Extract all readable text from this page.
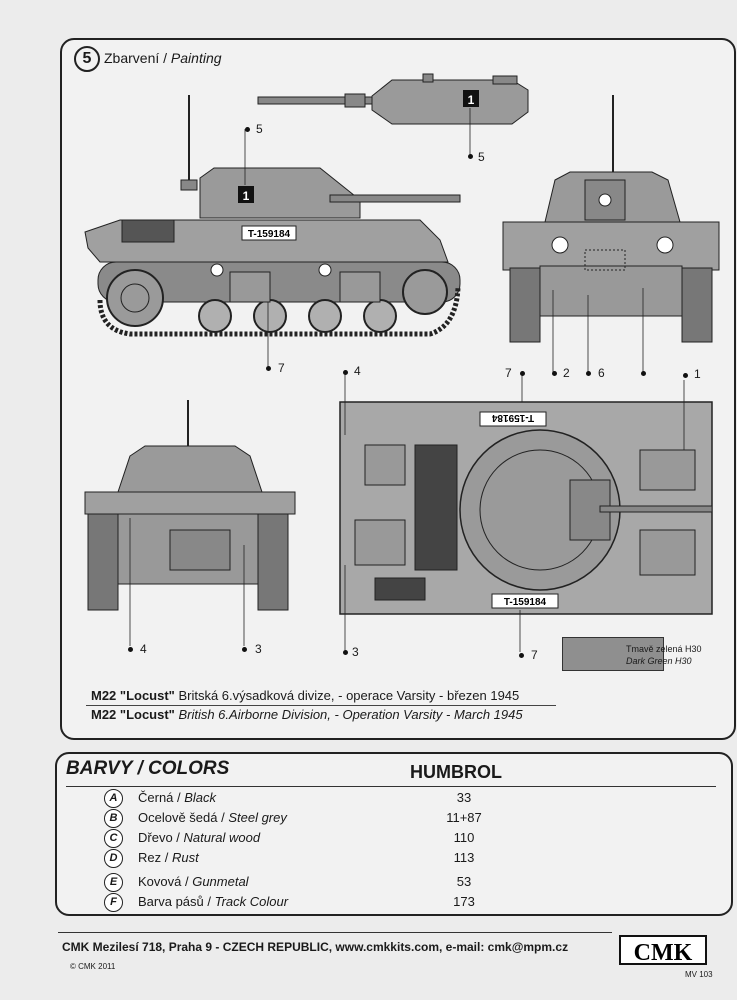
5 Zbarvení / Painting
1
1
T-159184
T-159184
T-159184
5
5
7	7	2 6	1
4
3	7
4	3	Tmavě zelená H30
Dark Green H30
M22 "Locust" Britská 6.výsadková divize, - operace Varsity - březen 1945
M22 "Locust" British 6.Airborne Division, - Operation Varsity - March 1945
BARVY / COLORS	HUMBROL
A	Černá / Black	33
B	Ocelově šedá / Steel grey	11+87
C	Dřevo / Natural wood	110
D	Rez / Rust	113
E	Kovová / Gunmetal	53
F	Barva pásů / Track Colour	173
CMK Mezilesí 718, Praha 9 - CZECH REPUBLIC, www.cmkkits.com, e-mail: cmk@mpm.cz
© CMK 2011
CMK
MV 103
